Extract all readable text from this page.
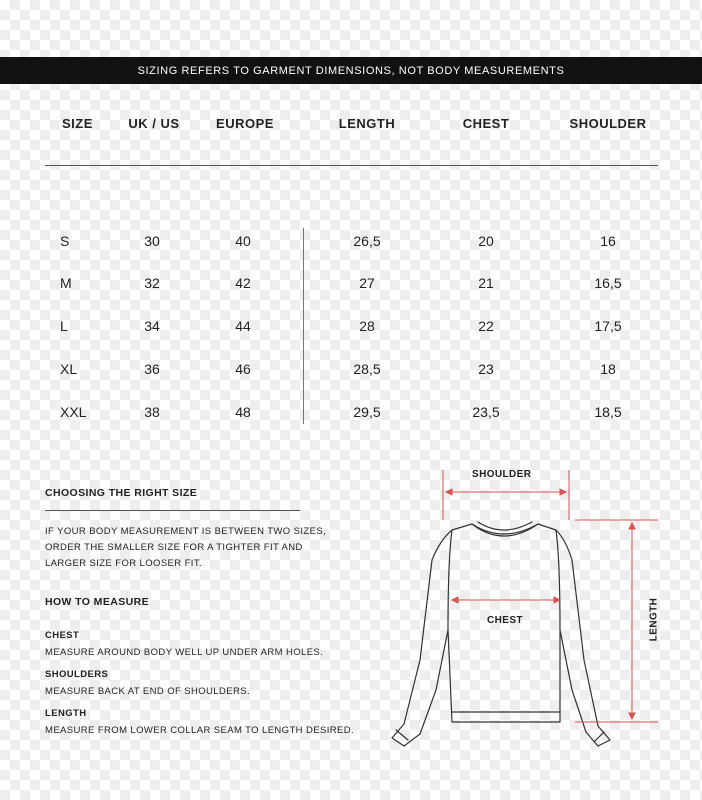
SIZING REFERS TO GARMENT DIMENSIONS, NOT BODY MEASUREMENTS
SIZE	UK / US	EUROPE	LENGTH	CHEST	SHOULDER
S	30	40	26,5	20	16
M	32	42	27	21	16,5
L	34	44	28	22	17,5
XL	36	46	28,5	23	18
XXL	38	48	29,5	23,5	18,5
CHOOSING THE RIGHT SIZE
IF YOUR BODY MEASUREMENT IS BETWEEN TWO SIZES,
ORDER THE SMALLER SIZE FOR A TIGHTER FIT AND
LARGER SIZE FOR LOOSER FIT.
HOW TO MEASURE
CHEST
MEASURE AROUND BODY WELL UP UNDER ARM HOLES.
SHOULDERS
MEASURE BACK AT END OF SHOULDERS.
LENGTH
MEASURE FROM LOWER COLLAR SEAM TO LENGTH DESIRED.
SHOULDER
CHEST	LENGTH
